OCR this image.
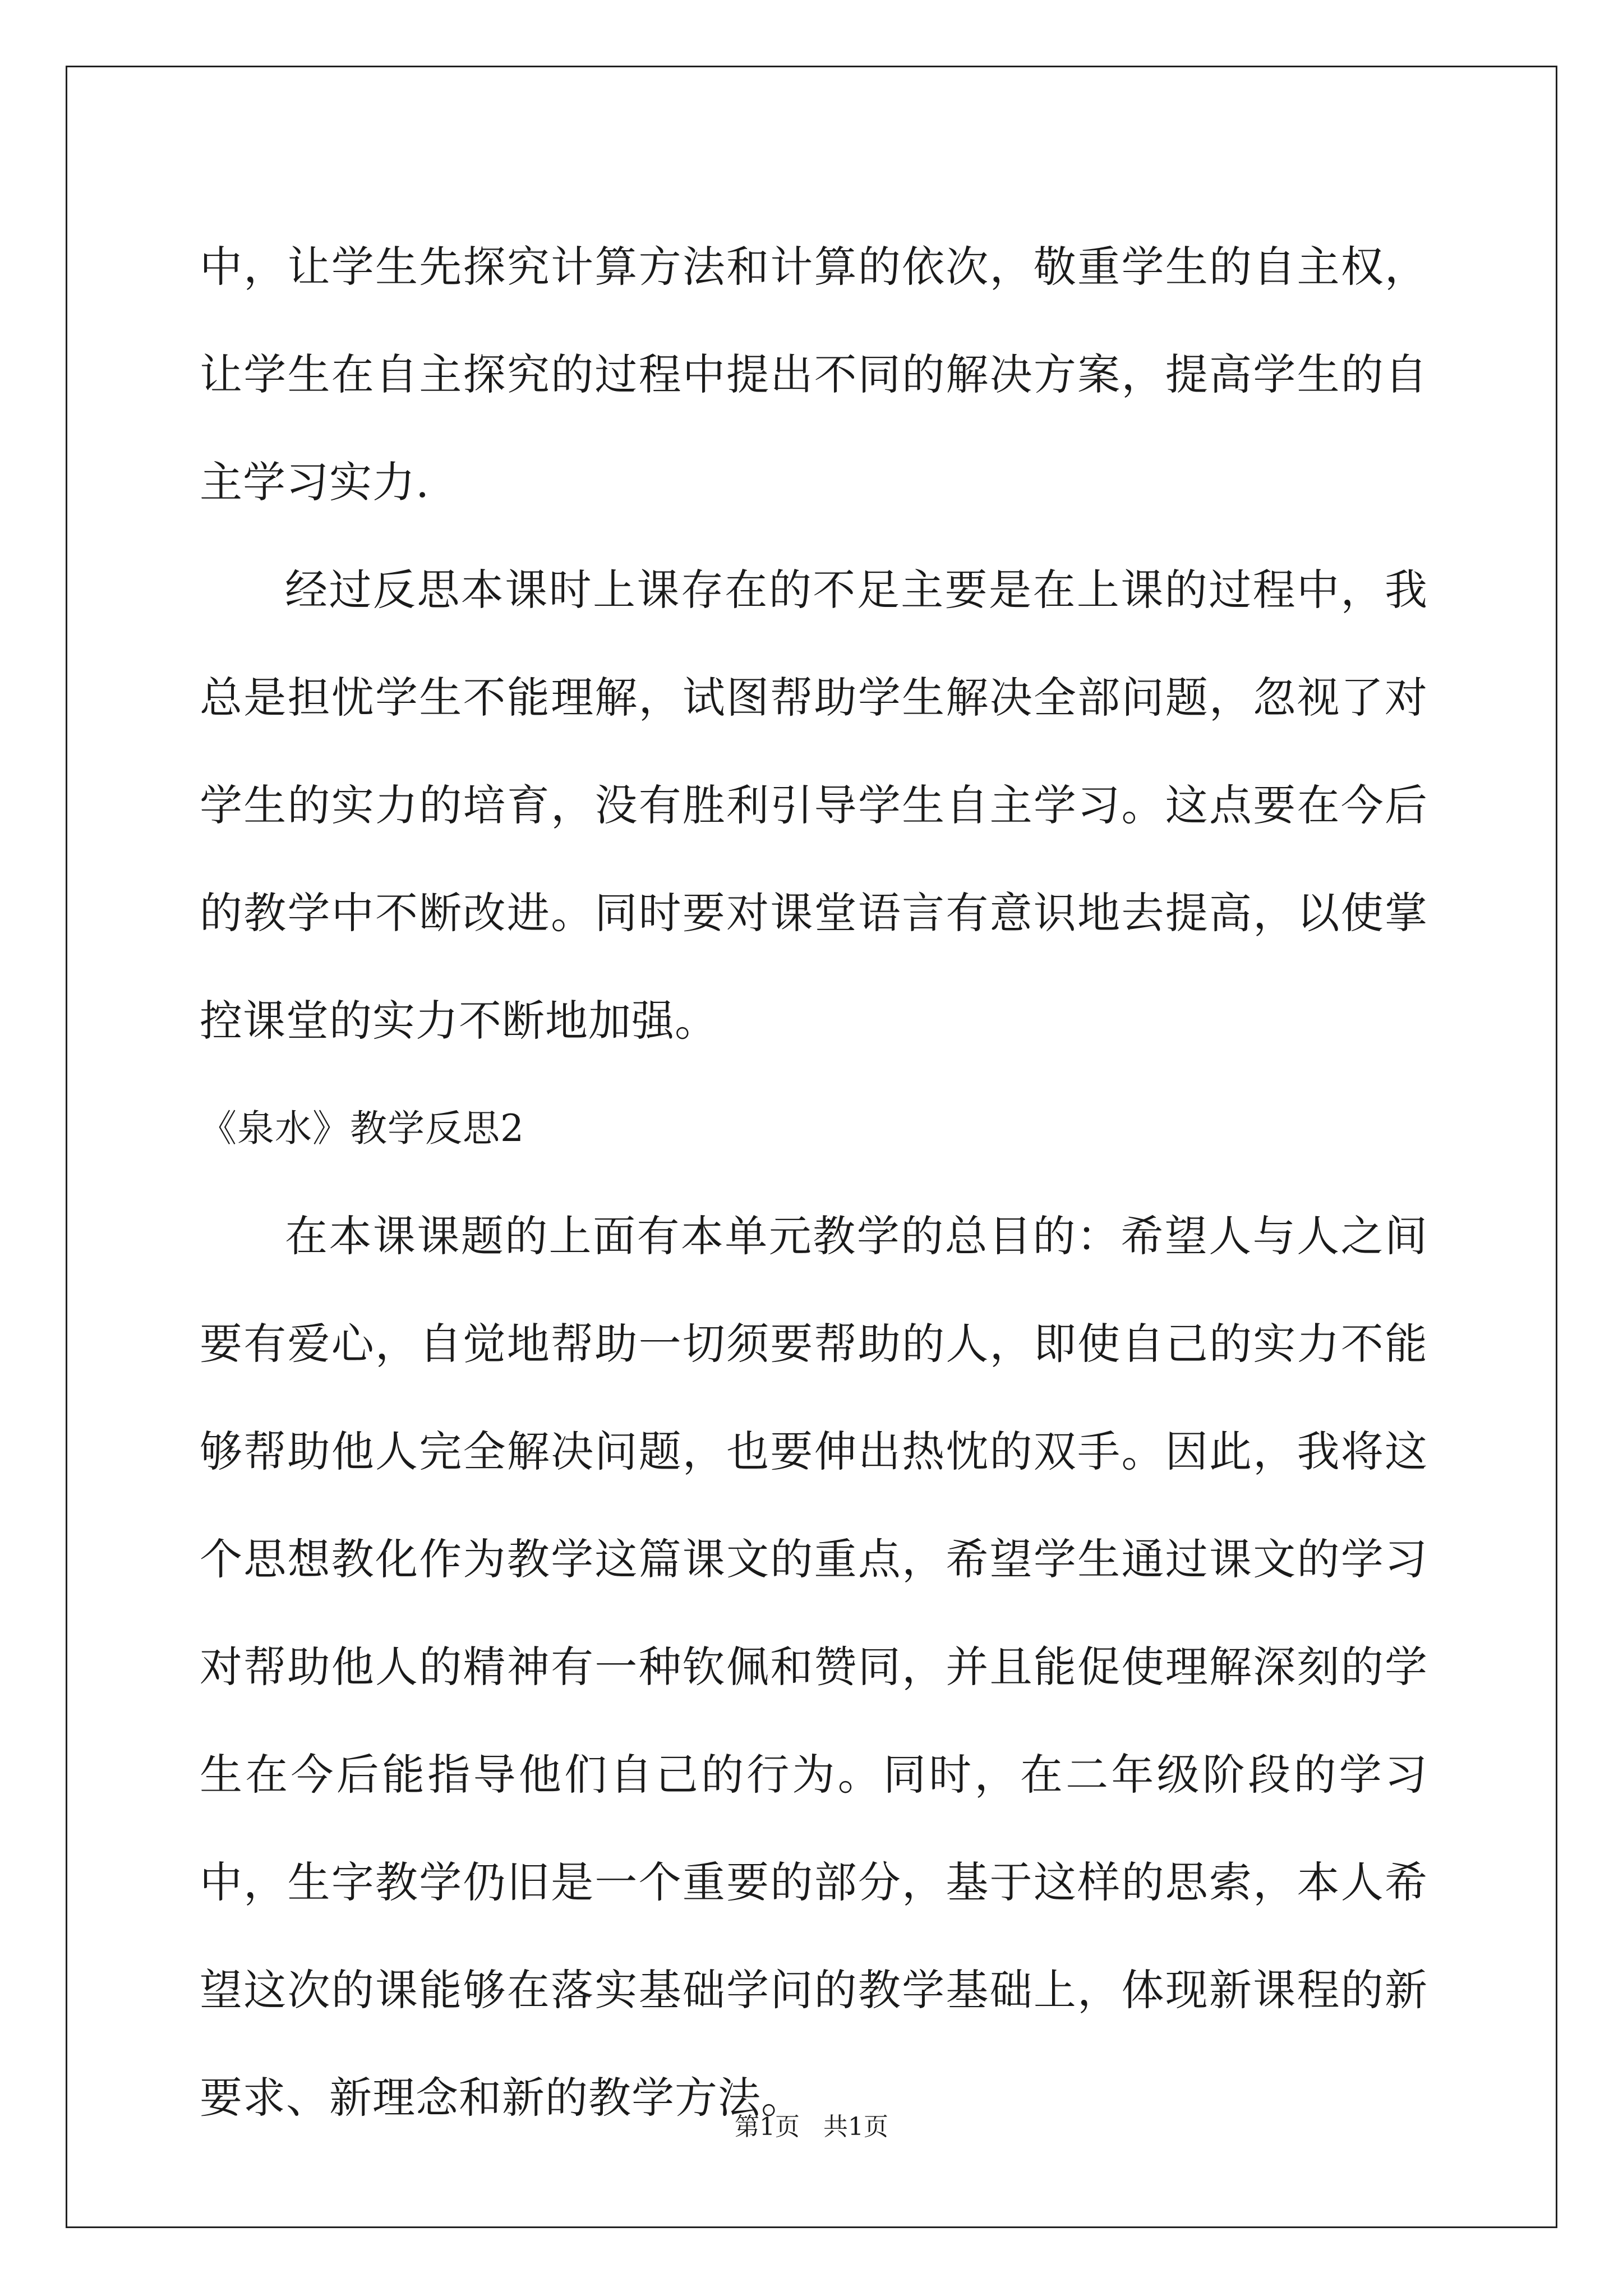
中，让学生先探究计算方法和计算的依次，敬重学生的自主权，让学生在自主探究的过程中提出不同的解决方案，提高学生的自主学习实力.

经过反思本课时上课存在的不足主要是在上课的过程中，我总是担忧学生不能理解，试图帮助学生解决全部问题，忽视了对学生的实力的培育，没有胜利引导学生自主学习。这点要在今后的教学中不断改进。同时要对课堂语言有意识地去提高，以使掌控课堂的实力不断地加强。

《泉水》教学反思2

在本课课题的上面有本单元教学的总目的：希望人与人之间要有爱心，自觉地帮助一切须要帮助的人，即使自己的实力不能够帮助他人完全解决问题，也要伸出热忱的双手。因此，我将这个思想教化作为教学这篇课文的重点，希望学生通过课文的学习对帮助他人的精神有一种钦佩和赞同，并且能促使理解深刻的学生在今后能指导他们自己的行为。同时，在二年级阶段的学习中，生字教学仍旧是一个重要的部分，基于这样的思索，本人希望这次的课能够在落实基础学问的教学基础上，体现新课程的新要求、新理念和新的教学方法。

第1页   共1页
